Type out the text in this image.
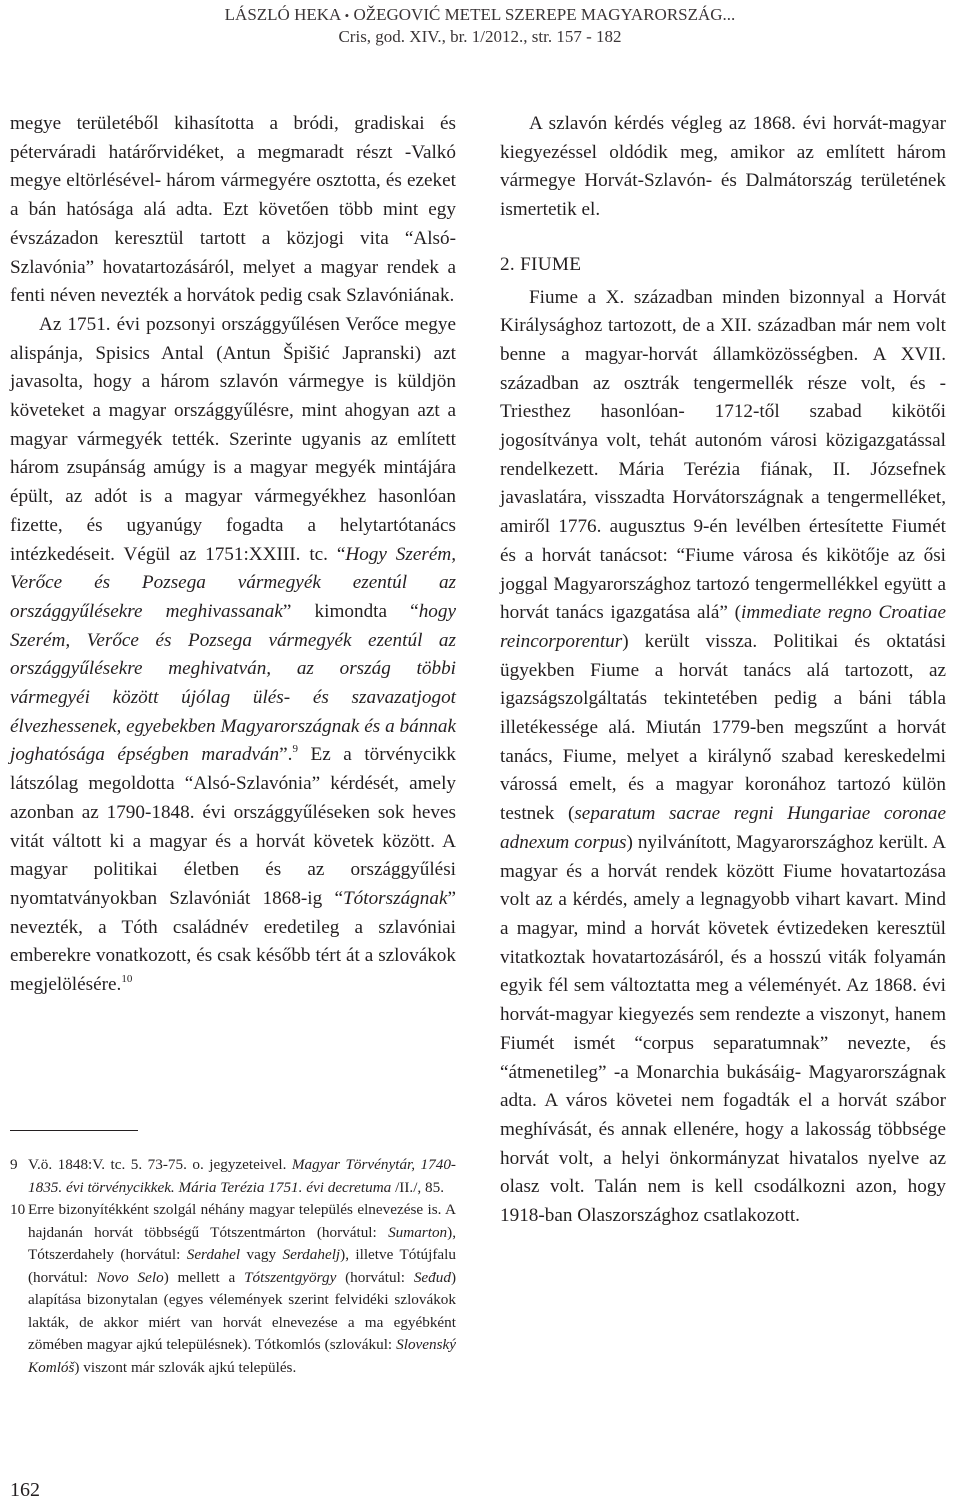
LÁSZLÓ HEKA • OŽEGOVIĆ METEL SZEREPE MAGYARORSZÁG...
Cris, god. XIV., br. 1/2012., str. 157 - 182

megye területéből kihasította a bródi, gradiskai és péterváradi határőrvidéket, a megmaradt részt -Valkó megye eltörlésével- három vármegyére osztotta, és ezeket a bán hatósága alá adta. Ezt követően több mint egy évszázadon keresztül tartott a közjogi vita “Alsó-Szlavónia” hovatartozásáról, melyet a magyar rendek a fenti néven nevezték a horvátok pedig csak Szlavóniának.

Az 1751. évi pozsonyi országgyűlésen Verőce megye alispánja, Spisics Antal (Antun Špišić Japranski) azt javasolta, hogy a három szlavón vármegye is küldjön követeket a magyar országgyűlésre, mint ahogyan azt a magyar vármegyék tették. Szerinte ugyanis az említett három zsupánság amúgy is a magyar megyék mintájára épült, az adót is a magyar vármegyékhez hasonlóan fizette, és ugyanúgy fogadta a helytartótanács intézkedéseit. Végül az 1751:XXIII. tc. “Hogy Szerém, Verőce és Pozsega vármegyék ezentúl az országgyűlésekre meghivassanak” kimondta “hogy Szerém, Verőce és Pozsega vármegyék ezentúl az országgyűlésekre meghivatván, az ország többi vármegyéi között újólag ülés- és szavazatjogot élvezhessenek, egyebekben Magyarországnak és a bánnak joghatósága épségben maradván”.$^9$ Ez a törvénycikk látszólag megoldotta “Alsó-Szlavónia” kérdését, amely azonban az 1790-1848. évi országgyűléseken sok heves vitát váltott ki a magyar és a horvát követek között. A magyar politikai életben és az országgyűlési nyomtatványokban Szlavóniát 1868-ig “Tótországnak” nevezték, a Tóth családnév eredetileg a szlavóniai emberekre vonatkozott, és csak később tért át a szlovákok megjelölésére.$^{10}$

A szlavón kérdés végleg az 1868. évi horvát-magyar kiegyezéssel oldódik meg, amikor az említett három vármegye Horvát-Szlavón- és Dalmátország területének ismertetik el.

2. FIUME

Fiume a X. században minden bizonnyal a Horvát Királysághoz tartozott, de a XII. században már nem volt benne a magyar-horvát államközösségben. A XVII. században az osztrák tengermellék része volt, és -Triesthez hasonlóan- 1712-től szabad kikötői jogosítványa volt, tehát autonóm városi közigazgatással rendelkezett. Mária Terézia fiának, II. Józsefnek javaslatára, visszadta Horvátországnak a tengermelléket, amiről 1776. augusztus 9-én levélben értesítette Fiumét és a horvát tanácsot: “Fiume városa és kikötője az ősi joggal Magyarországhoz tartozó tengermellékkel együtt a horvát tanács igazgatása alá” (immediate regno Croatiae reincorporentur) került vissza. Politikai és oktatási ügyekben Fiume a horvát tanács alá tartozott, az igazságszolgáltatás tekintetében pedig a báni tábla illetékessége alá. Miután 1779-ben megszűnt a horvát tanács, Fiume, melyet a királynő szabad kereskedelmi várossá emelt, és a magyar koronához tartozó külön testnek (separatum sacrae regni Hungariae coronae adnexum corpus) nyilvánított, Magyarországhoz került. A magyar és a horvát rendek között Fiume hovatartozása volt az a kérdés, amely a legnagyobb vihart kavart. Mind a magyar, mind a horvát követek évtizedeken keresztül vitatkoztak hovatartozásáról, és a hosszú viták folyamán egyik fél sem változtatta meg a véleményét. Az 1868. évi horvát-magyar kiegyezés sem rendezte a viszonyt, hanem Fiumét ismét “corpus separatumnak” nevezte, és “átmenetileg” -a Monarchia bukásáig- Magyarországnak adta. A város követei nem fogadták el a horvát szábor meghívását, és annak ellenére, hogy a lakosság többsége horvát volt, a helyi önkormányzat hivatalos nyelve az olasz volt. Talán nem is kell csodálkozni azon, hogy 1918-ban Olaszországhoz csatlakozott.

9 V.ö. 1848:V. tc. 5. 73-75. o. jegyzeteivel. Magyar Törvénytár, 1740-1835. évi törvénycikkek. Mária Terézia 1751. évi decretuma /II./, 85.

10 Erre bizonyítékként szolgál néhány magyar település elnevezése is. A hajdanán horvát többségű Tótszentmárton (horvátul: Sumarton), Tótszerdahely (horvátul: Serdahel vagy Serdahelj), illetve Tótújfalu (horvátul: Novo Selo) mellett a Tótszentgyörgy (horvátul: Seđud) alapítása bizonytalan (egyes vélemények szerint felvidéki szlovákok lakták, de akkor miért van horvát elnevezése a ma egyébként zömében magyar ajkú településnek). Tótkomlós (szlovákul: Slovenský Komlóš) viszont már szlovák ajkú település.

162
